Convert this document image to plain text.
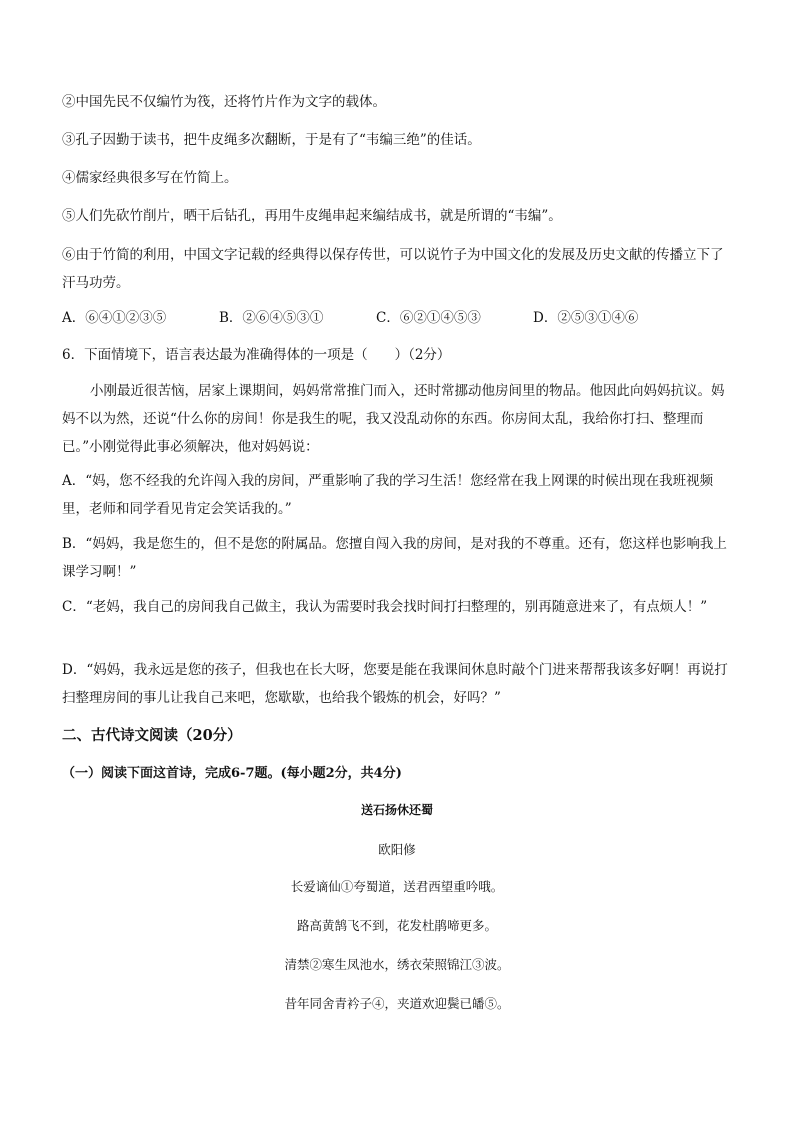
②中国先民不仅编竹为筏，还将竹片作为文字的载体。
③孔子因勤于读书，把牛皮绳多次翻断，于是有了“韦编三绝”的佳话。
④儒家经典很多写在竹简上。
⑤人们先砍竹削片，晒干后钻孔，再用牛皮绳串起来编结成书，就是所谓的“韦编”。
⑥由于竹简的利用，中国文字记载的经典得以保存传世，可以说竹子为中国文化的发展及历史文献的传播立下了汗马功劳。
A．⑥④①②③⑤	B．②⑥④⑤③①	C．⑥②①④⑤③	D．②⑤③①④⑥
6．下面情境下，语言表达最为准确得体的一项是（　　）（2分）
小刚最近很苦恼，居家上课期间，妈妈常常推门而入，还时常挪动他房间里的物品。他因此向妈妈抗议。妈妈不以为然，还说“什么你的房间！你是我生的呢，我又没乱动你的东西。你房间太乱，我给你打扫、整理而已。”小刚觉得此事必须解决，他对妈妈说：
A．“妈，您不经我的允许闯入我的房间，严重影响了我的学习生活！您经常在我上网课的时候出现在我班视频里，老师和同学看见肯定会笑话我的。”
B．“妈妈，我是您生的，但不是您的附属品。您擅自闯入我的房间，是对我的不尊重。还有，您这样也影响我上课学习啊！”
C．“老妈，我自己的房间我自己做主，我认为需要时我会找时间打扫整理的，别再随意进来了，有点烦人！”
D．“妈妈，我永远是您的孩子，但我也在长大呀，您要是能在我课间休息时敲个门进来帮帮我该多好啊！再说打扫整理房间的事儿让我自己来吧，您歇歇，也给我个锻炼的机会，好吗？”
二、古代诗文阅读（20分）
（一）阅读下面这首诗，完成6-7题。(每小题2分，共4分)
送石扬休还蜀
欧阳修
长爱谪仙①夸蜀道，送君西望重吟哦。
路高黄鹄飞不到，花发杜鹃啼更多。
清禁②寒生凤池水，绣衣荣照锦江③波。
昔年同舍青衿子④，夹道欢迎鬓已皤⑤。
